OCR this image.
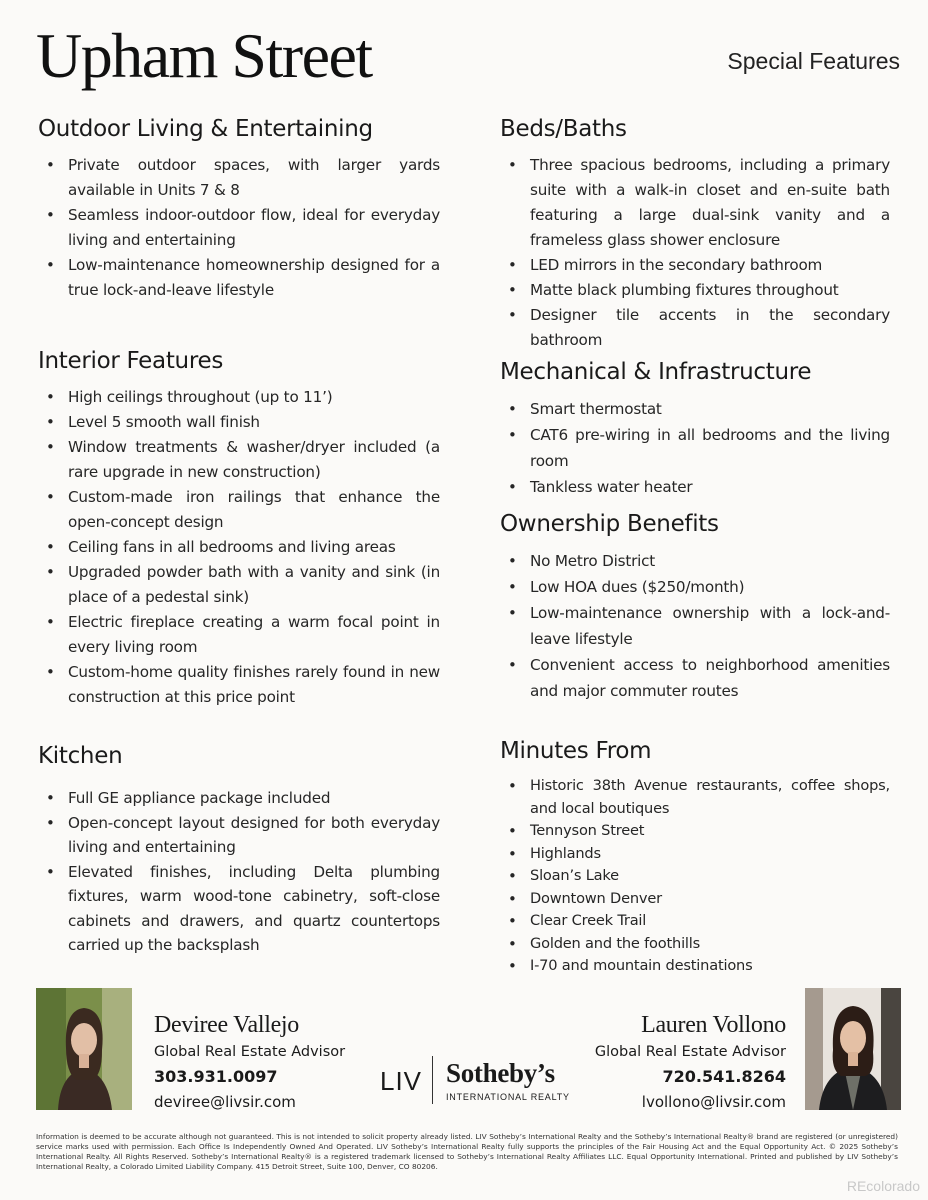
Upham Street	Special Features
Outdoor Living & Entertaining
• Private outdoor spaces, with larger yards available in Units 7 & 8
• Seamless indoor-outdoor flow, ideal for everyday living and entertaining
• Low-maintenance homeownership designed for a true lock-and-leave lifestyle
Interior Features
• High ceilings throughout (up to 11’)
• Level 5 smooth wall finish
• Window treatments & washer/dryer included (a rare upgrade in new construction)
• Custom-made iron railings that enhance the open-concept design
• Ceiling fans in all bedrooms and living areas
• Upgraded powder bath with a vanity and sink (in place of a pedestal sink)
• Electric fireplace creating a warm focal point in every living room
• Custom-home quality finishes rarely found in new construction at this price point
Kitchen
• Full GE appliance package included
• Open-concept layout designed for both everyday living and entertaining
• Elevated finishes, including Delta plumbing fixtures, warm wood-tone cabinetry, soft-close cabinets and drawers, and quartz countertops carried up the backsplash
Beds/Baths
• Three spacious bedrooms, including a primary suite with a walk-in closet and en-suite bath featuring a large dual-sink vanity and a frameless glass shower enclosure
• LED mirrors in the secondary bathroom
• Matte black plumbing fixtures throughout
• Designer tile accents in the secondary bathroom
Mechanical & Infrastructure
• Smart thermostat
• CAT6 pre-wiring in all bedrooms and the living room
• Tankless water heater
Ownership Benefits
• No Metro District
• Low HOA dues ($250/month)
• Low-maintenance ownership with a lock-and-leave lifestyle
• Convenient access to neighborhood amenities and major commuter routes
Minutes From
• Historic 38th Avenue restaurants, coffee shops, and local boutiques
• Tennyson Street
• Highlands
• Sloan’s Lake
• Downtown Denver
• Clear Creek Trail
• Golden and the foothills
• I-70 and mountain destinations
Deviree Vallejo
Global Real Estate Advisor
303.931.0097
deviree@livsir.com
LIV Sotheby’s
INTERNATIONAL REALTY
Lauren Vollono
Global Real Estate Advisor
720.541.8264
lvollono@livsir.com
Information is deemed to be accurate although not guaranteed. This is not intended to solicit property already listed. LIV Sotheby’s International Realty and the Sotheby’s International Realty® brand are registered (or unregistered) service marks used with permission. Each Office Is Independently Owned And Operated. LIV Sotheby’s International Realty fully supports the principles of the Fair Housing Act and the Equal Opportunity Act. © 2025 Sotheby’s International Realty. All Rights Reserved. Sotheby’s International Realty® is a registered trademark licensed to Sotheby’s International Realty Affiliates LLC. Equal Opportunity International. Printed and published by LIV Sotheby’s International Realty, a Colorado Limited Liability Company. 415 Detroit Street, Suite 100, Denver, CO 80206.
REcolorado
